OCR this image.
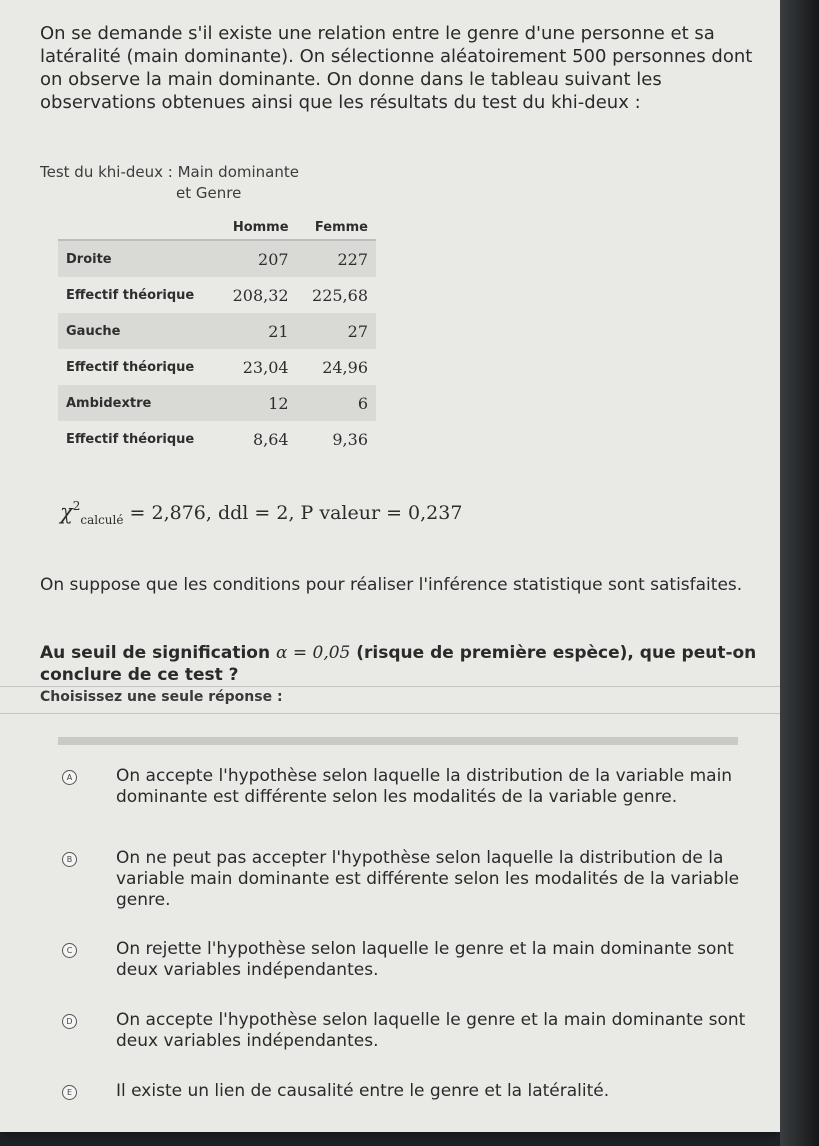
On se demande s'il existe une relation entre le genre d'une personne et sa latéralité (main dominante). On sélectionne aléatoirement 500 personnes dont on observe la main dominante. On donne dans le tableau suivant les observations obtenues ainsi que les résultats du test du khi-deux :
Test du khi-deux : Main dominante
et Genre
	Homme	Femme
Droite	207	227
Effectif théorique	208,32	225,68
Gauche	21	27
Effectif théorique	23,04	24,96
Ambidextre	12	6
Effectif théorique	8,64	9,36
$\chi^2_{calculé} = 2,876$, ddl = 2, P valeur = 0,237
On suppose que les conditions pour réaliser l'inférence statistique sont satisfaites.
Au seuil de signification α = 0,05 (risque de première espèce), que peut-on conclure de ce test ?
Choisissez une seule réponse :
A	On accepte l'hypothèse selon laquelle la distribution de la variable main dominante est différente selon les modalités de la variable genre.
B	On ne peut pas accepter l'hypothèse selon laquelle la distribution de la variable main dominante est différente selon les modalités de la variable genre.
C	On rejette l'hypothèse selon laquelle le genre et la main dominante sont deux variables indépendantes.
D	On accepte l'hypothèse selon laquelle le genre et la main dominante sont deux variables indépendantes.
E	Il existe un lien de causalité entre le genre et la latéralité.
